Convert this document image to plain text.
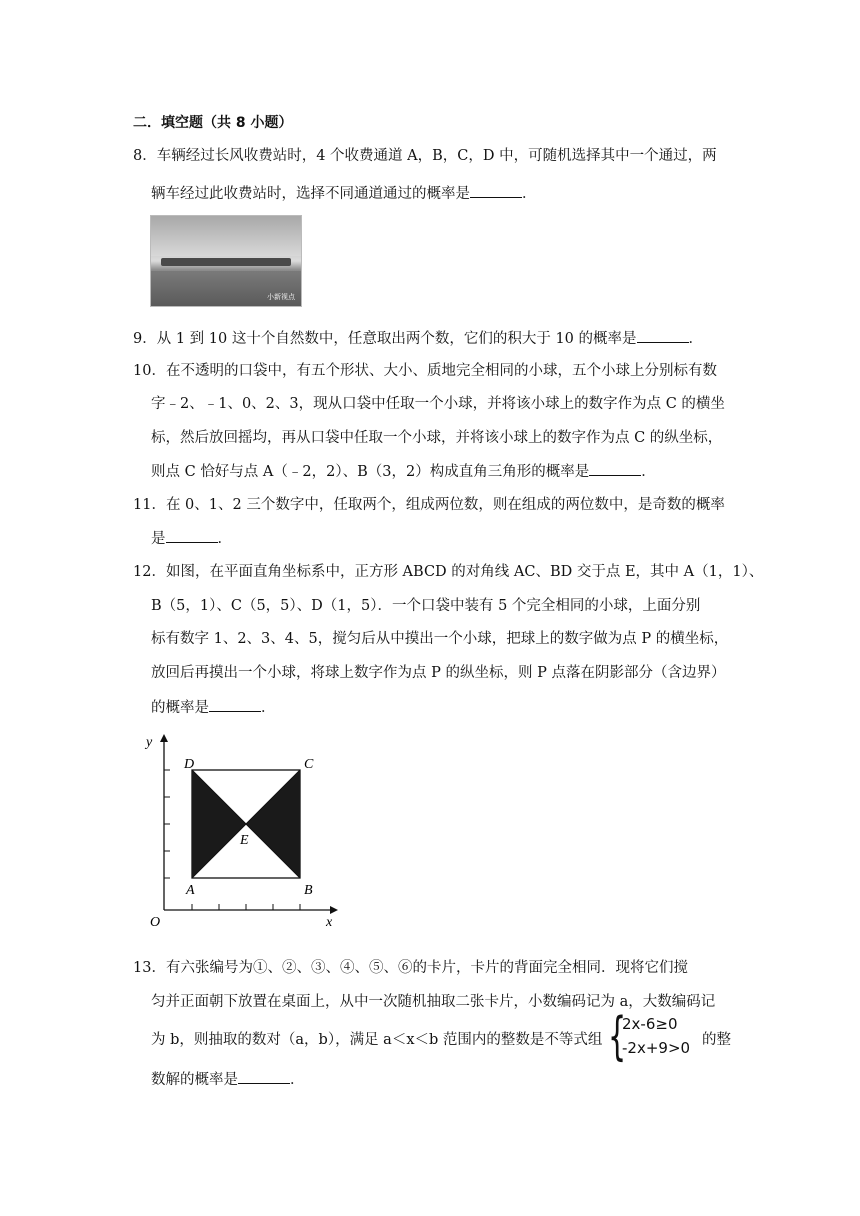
二．填空题（共 8 小题）
8．车辆经过长风收费站时，4 个收费通道 A，B，C，D 中，可随机选择其中一个通过，两
辆车经过此收费站时，选择不同通道通过的概率是	．
小新视点
9．从 1 到 10 这十个自然数中，任意取出两个数，它们的积大于 10 的概率是	．
10．在不透明的口袋中，有五个形状、大小、质地完全相同的小球，五个小球上分别标有数
字﹣2、﹣1、0、2、3，现从口袋中任取一个小球，并将该小球上的数字作为点 C 的横坐
标，然后放回摇均，再从口袋中任取一个小球，并将该小球上的数字作为点 C 的纵坐标，
则点 C 恰好与点 A（﹣2，2）、B（3，2）构成直角三角形的概率是	．
11．在 0、1、2 三个数字中，任取两个，组成两位数，则在组成的两位数中，是奇数的概率
是	．
12．如图，在平面直角坐标系中，正方形 ABCD 的对角线 AC、BD 交于点 E，其中 A（1，1）、
B（5，1）、C（5，5）、D（1，5）．一个口袋中装有 5 个完全相同的小球，上面分别
标有数字 1、2、3、4、5，搅匀后从中摸出一个小球，把球上的数字做为点 P 的横坐标，
放回后再摸出一个小球，将球上数字作为点 P 的纵坐标，则 P 点落在阴影部分（含边界）
的概率是	．
y
x
O
A	B
C
D
E
13．有六张编号为①、②、③、④、⑤、⑥的卡片，卡片的背面完全相同．现将它们搅
匀并正面朝下放置在桌面上，从中一次随机抽取二张卡片，小数编码记为 a，大数编码记
为 b，则抽取的数对（a，b），满足 a＜x＜b 范围内的整数是不等式组 {
2x-6≥0
-2x+9>0 的整
数解的概率是	．
